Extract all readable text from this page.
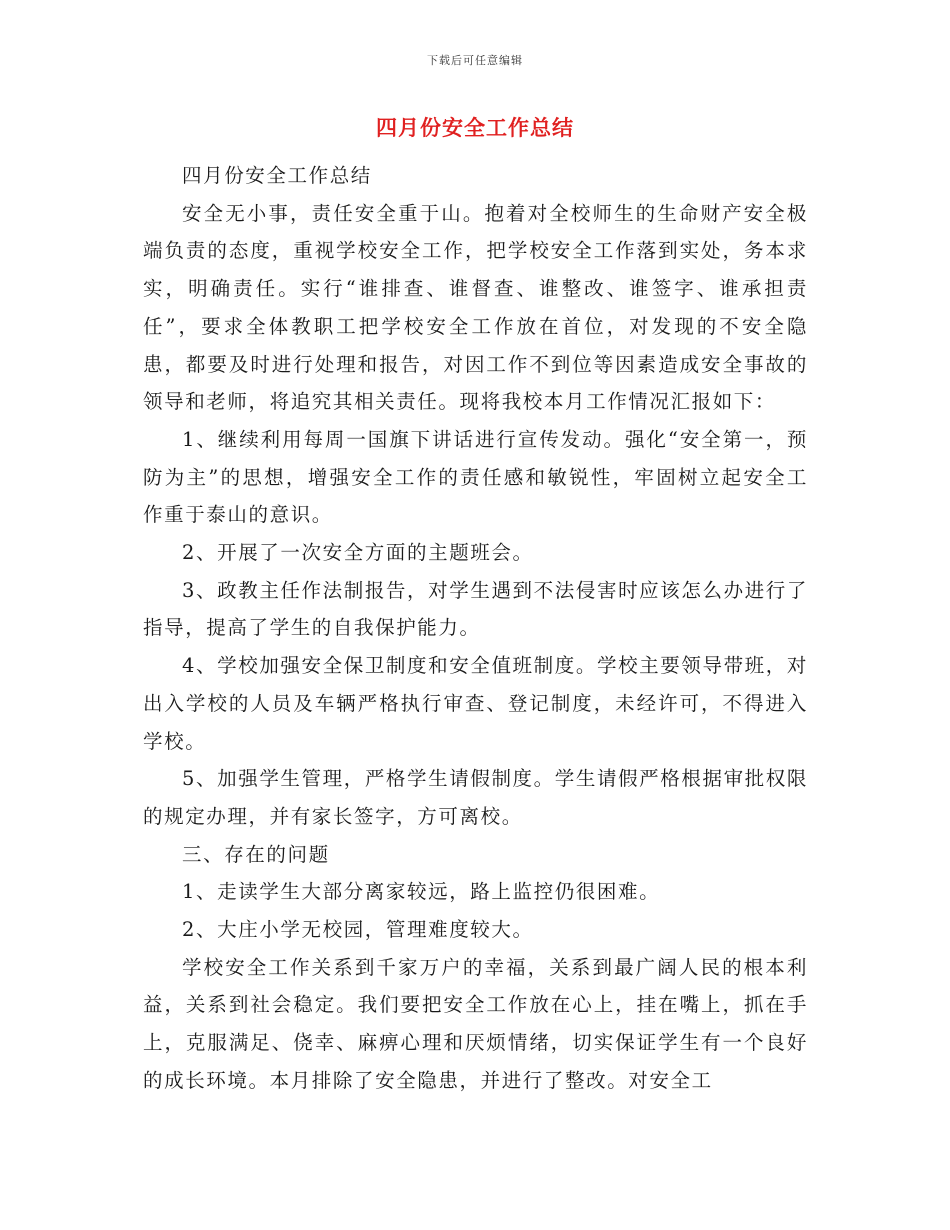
下载后可任意编辑
四月份安全工作总结

四月份安全工作总结

安全无小事，责任安全重于山。抱着对全校师生的生命财产安全极端负责的态度，重视学校安全工作，把学校安全工作落到实处，务本求实，明确责任。实行“谁排查、谁督查、谁整改、谁签字、谁承担责任”，要求全体教职工把学校安全工作放在首位，对发现的不安全隐患，都要及时进行处理和报告，对因工作不到位等因素造成安全事故的领导和老师，将追究其相关责任。现将我校本月工作情况汇报如下：

1、继续利用每周一国旗下讲话进行宣传发动。强化“安全第一，预防为主”的思想，增强安全工作的责任感和敏锐性，牢固树立起安全工作重于泰山的意识。

2、开展了一次安全方面的主题班会。

3、政教主任作法制报告，对学生遇到不法侵害时应该怎么办进行了指导，提高了学生的自我保护能力。

4、学校加强安全保卫制度和安全值班制度。学校主要领导带班，对出入学校的人员及车辆严格执行审查、登记制度，未经许可，不得进入学校。

5、加强学生管理，严格学生请假制度。学生请假严格根据审批权限的规定办理，并有家长签字，方可离校。

三、存在的问题

1、走读学生大部分离家较远，路上监控仍很困难。

2、大庄小学无校园，管理难度较大。

学校安全工作关系到千家万户的幸福，关系到最广阔人民的根本利益，关系到社会稳定。我们要把安全工作放在心上，挂在嘴上，抓在手上，克服满足、侥幸、麻痹心理和厌烦情绪，切实保证学生有一个良好的成长环境。本月排除了安全隐患，并进行了整改。对安全工
